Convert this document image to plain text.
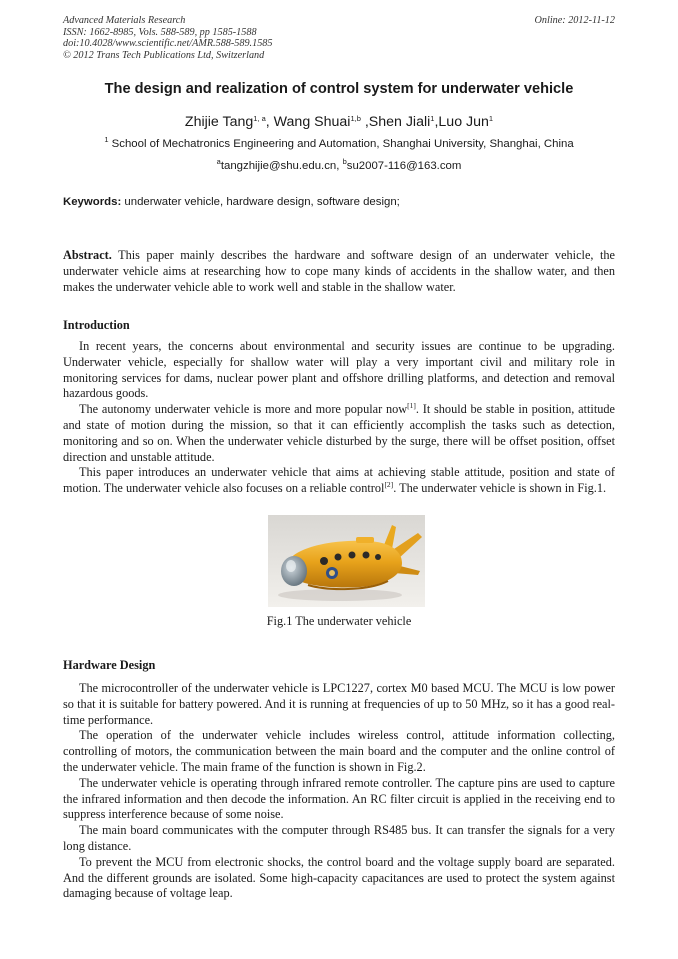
Advanced Materials Research
ISSN: 1662-8985, Vols. 588-589, pp 1585-1588
doi:10.4028/www.scientific.net/AMR.588-589.1585
© 2012 Trans Tech Publications Ltd, Switzerland
Online: 2012-11-12
The design and realization of control system for underwater vehicle
Zhijie Tang$^{1, a}$, Wang Shuai$^{1,b}$ ,Shen Jiali$^1$,Luo Jun$^1$
$^1$ School of Mechatronics Engineering and Automation, Shanghai University, Shanghai, China
$^a$tangzhijie@shu.edu.cn, $^b$su2007-116@163.com
Keywords: underwater vehicle, hardware design, software design;

Abstract. This paper mainly describes the hardware and software design of an underwater vehicle, the underwater vehicle aims at researching how to cope many kinds of accidents in the shallow water, and then makes the underwater vehicle able to work well and stable in the shallow water.

Introduction

In recent years, the concerns about environmental and security issues are continue to be upgrading. Underwater vehicle, especially for shallow water will play a very important civil and military role in monitoring services for dams, nuclear power plant and offshore drilling platforms, and detection and removal hazardous goods.

The autonomy underwater vehicle is more and more popular now[1]. It should be stable in position, attitude and state of motion during the mission, so that it can efficiently accomplish the tasks such as detection, monitoring and so on. When the underwater vehicle disturbed by the surge, there will be offset position, offset direction and unstable attitude.

This paper introduces an underwater vehicle that aims at achieving stable attitude, position and state of motion. The underwater vehicle also focuses on a reliable control[2]. The underwater vehicle is shown in Fig.1.

Fig.1 The underwater vehicle
Hardware Design

The microcontroller of the underwater vehicle is LPC1227, cortex M0 based MCU. The MCU is low power so that it is suitable for battery powered. And it is running at frequencies of up to 50 MHz, so it has a good real-time performance.

The operation of the underwater vehicle includes wireless control, attitude information collecting, controlling of motors, the communication between the main board and the computer and the online control of the underwater vehicle. The main frame of the function is shown in Fig.2.

The underwater vehicle is operating through infrared remote controller. The capture pins are used to capture the infrared information and then decode the information. An RC filter circuit is applied in the receiving end to suppress interference because of some noise.

The main board communicates with the computer through RS485 bus. It can transfer the signals for a very long distance.

To prevent the MCU from electronic shocks, the control board and the voltage supply board are separated. And the different grounds are isolated. Some high-capacity capacitances are used to protect the system against damaging because of voltage leap.
